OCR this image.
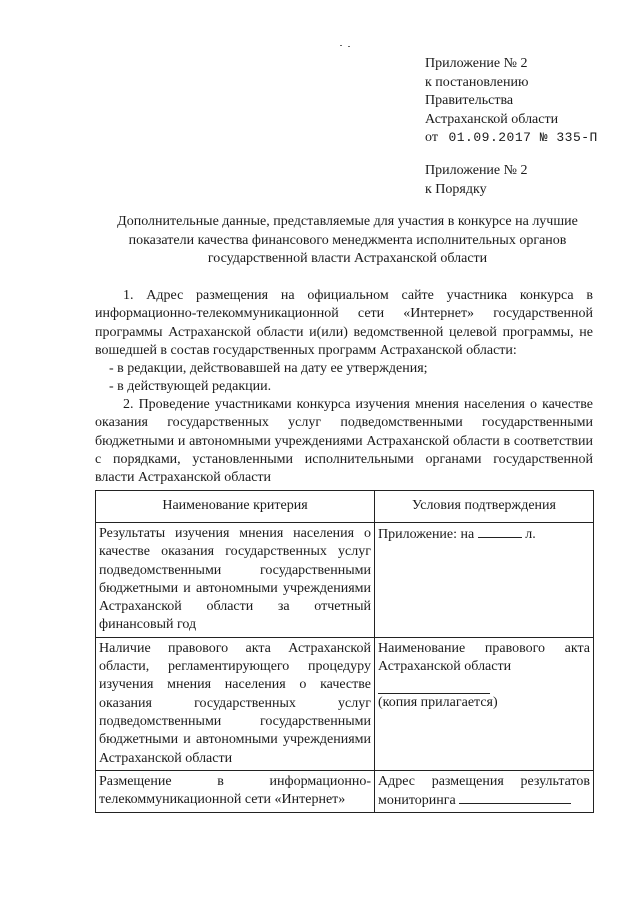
Приложение № 2
к постановлению
Правительства
Астраханской области
от 01.09.2017 № 335-П
Приложение № 2
к Порядку
Дополнительные данные, представляемые для участия в конкурсе на лучшие показатели качества финансового менеджмента исполнительных органов государственной власти Астраханской области
1. Адрес размещения на официальном сайте участника конкурса в информационно-телекоммуникационной сети «Интернет» государственной программы Астраханской области и(или) ведомственной целевой программы, не вошедшей в состав государственных программ Астраханской области:
- в редакции, действовавшей на дату ее утверждения;
- в действующей редакции.
2. Проведение участниками конкурса изучения мнения населения о качестве оказания государственных услуг подведомственными государственными бюджетными и автономными учреждениями Астраханской области в соответствии с порядками, установленными исполнительными органами государственной власти Астраханской области
Наименование критерия	Условия подтверждения
Результаты изучения мнения населения о качестве оказания государственных услуг подведомственными государственными бюджетными и автономными учреждениями Астраханской области за отчетный финансовый год	Приложение: на л.
Наличие правового акта Астраханской области, регламентирующего процедуру изучения мнения населения о качестве оказания государственных услуг подведомственными государственными бюджетными и автономными учреждениями Астраханской области	Наименование правового акта Астраханской области
(копия прилагается)

Размещение в информационно-телекоммуникационной сети «Интернет»	Адрес размещения результатов мониторинга
